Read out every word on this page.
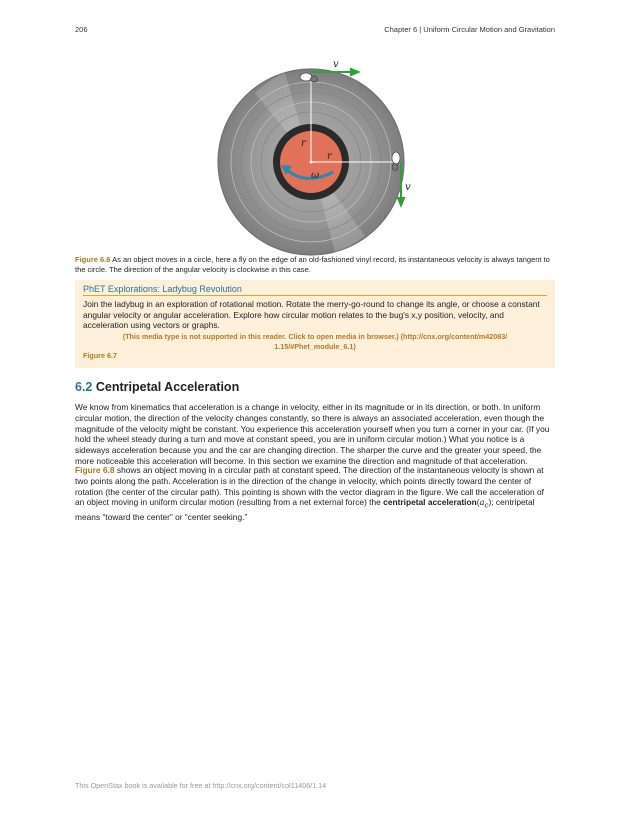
206	Chapter 6 | Uniform Circular Motion and Gravitation
v
v
r
r
ω
Figure 6.6 As an object moves in a circle, here a fly on the edge of an old-fashioned vinyl record, its instantaneous velocity is always tangent to the circle. The direction of the angular velocity is clockwise in this case.
PhET Explorations: Ladybug Revolution
Join the ladybug in an exploration of rotational motion. Rotate the merry-go-round to change its angle, or choose a constant angular velocity or angular acceleration. Explore how circular motion relates to the bug's x,y position, velocity, and acceleration using vectors or graphs.
(This media type is not supported in this reader. Click to open media in browser.) (http://cnx.org/content/m42083/
1.15/#Phet_module_6.1)
Figure 6.7
6.2 Centripetal Acceleration
We know from kinematics that acceleration is a change in velocity, either in its magnitude or in its direction, or both. In uniform circular motion, the direction of the velocity changes constantly, so there is always an associated acceleration, even though the magnitude of the velocity might be constant. You experience this acceleration yourself when you turn a corner in your car. (If you hold the wheel steady during a turn and move at constant speed, you are in uniform circular motion.) What you notice is a sideways acceleration because you and the car are changing direction. The sharper the curve and the greater your speed, the more noticeable this acceleration will become. In this section we examine the direction and magnitude of that acceleration.
Figure 6.8 shows an object moving in a circular path at constant speed. The direction of the instantaneous velocity is shown at two points along the path. Acceleration is in the direction of the change in velocity, which points directly toward the center of rotation (the center of the circular path). This pointing is shown with the vector diagram in the figure. We call the acceleration of an object moving in uniform circular motion (resulting from a net external force) the centripetal $acceleration(a_c)$; centripetal means “toward the center” or “center seeking.”
This OpenStax book is available for free at http://cnx.org/content/col11406/1.14
